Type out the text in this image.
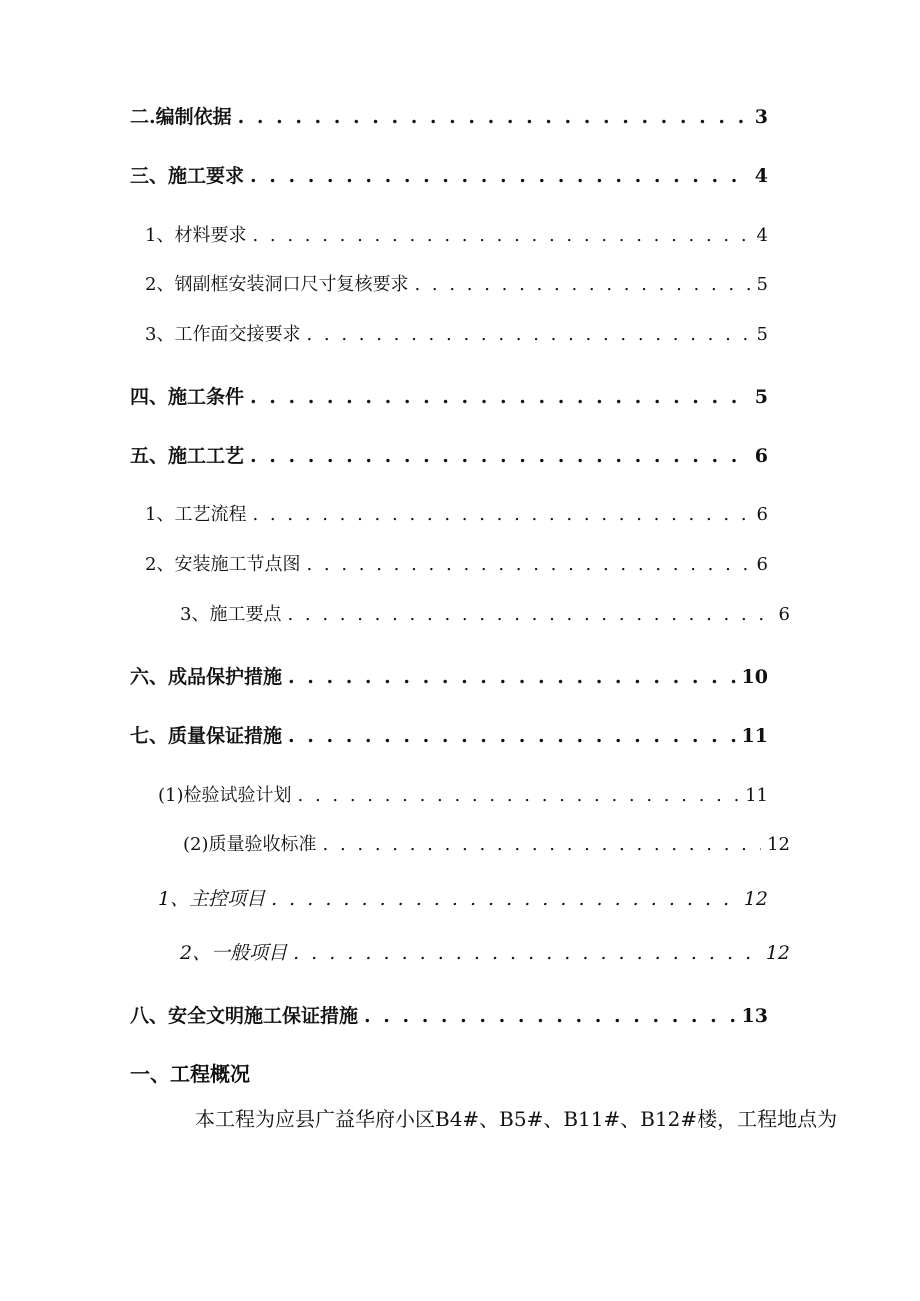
二.编制依据 . . .	3
三、施工要求 . . .	4
1、材料要求 . . .	4
2、钢副框安装洞口尺寸复核要求 . . .	5
3、工作面交接要求 . . .	5
四、施工条件 . . .	5
五、施工工艺 . . .	6
1、工艺流程 . . .	6
2、安装施工节点图 . . .	6
3、施工要点 . . .	6
六、成品保护措施 . . .	10
七、质量保证措施 . . .	11
(1)检验试验计划 . . .	11
(2)质量验收标准 . . .	12
1、主控项目 . . .	12
2、一般项目 . . .	12
八、安全文明施工保证措施 . . .	13
一、工程概况
本工程为应县广益华府小区B4#、B5#、B11#、B12#楼，工程地点为
